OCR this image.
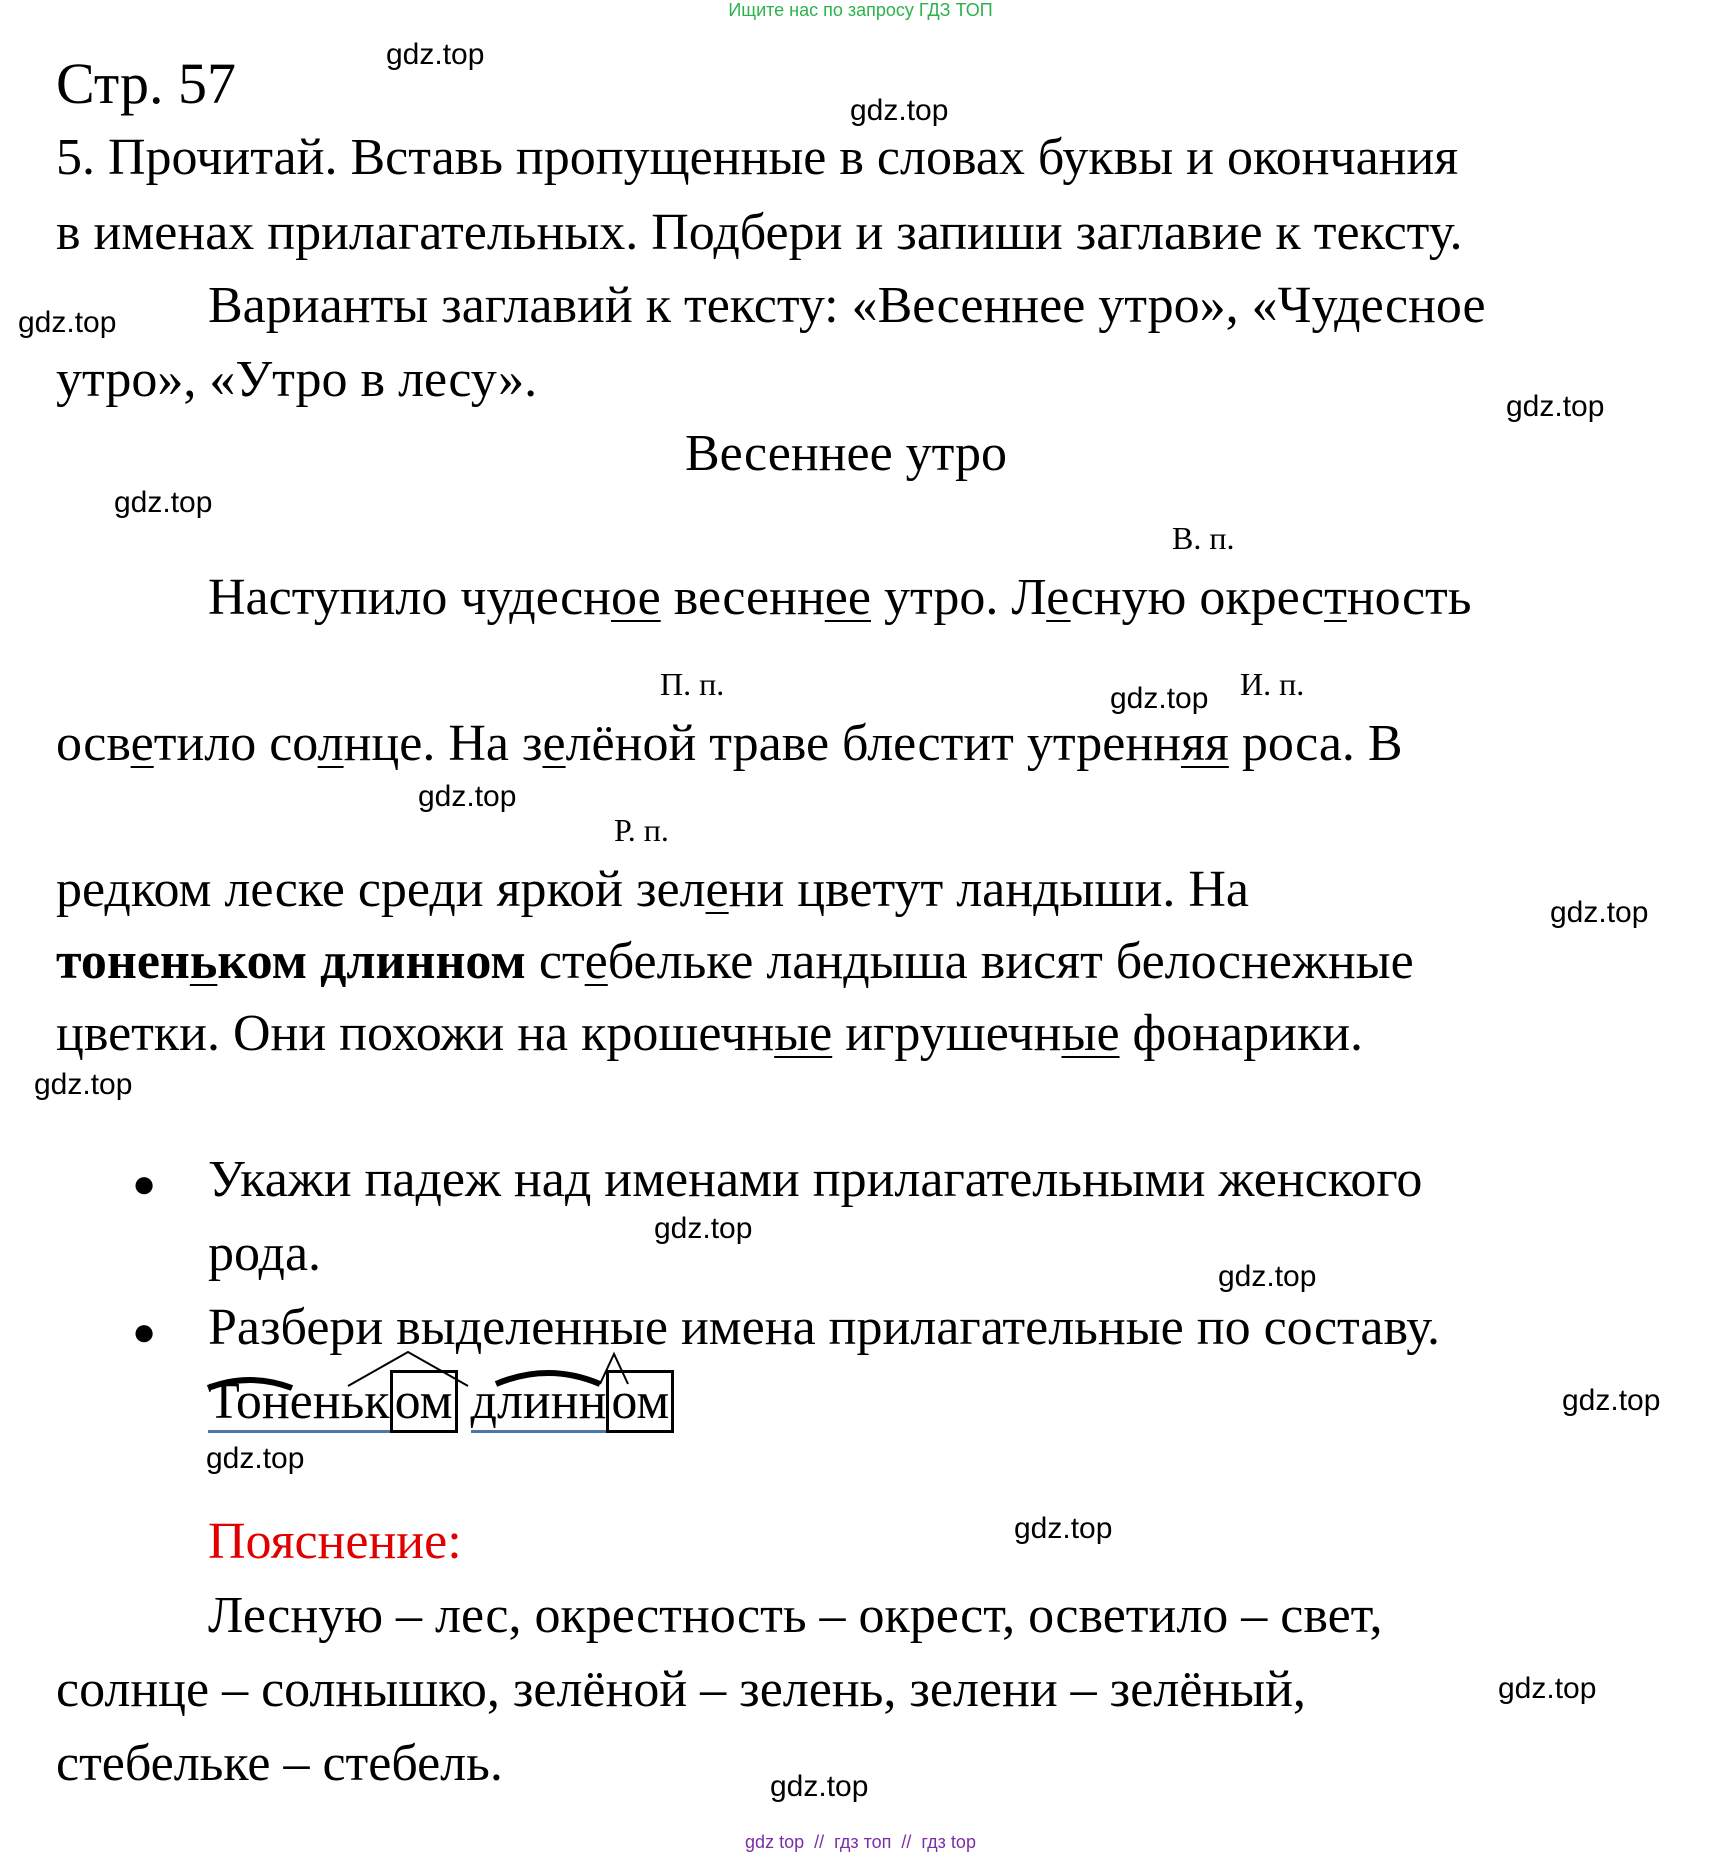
Ищите нас по запросу ГДЗ ТОП
Стр. 57
5. Прочитай. Вставь пропущенные в словах буквы и окончания
в именах прилагательных. Подбери и запиши заглавие к тексту.
Варианты заглавий к тексту: «Весеннее утро», «Чудесное
утро», «Утро в лесу».
Весеннее утро
В. п.
П. п.	И. п.
Р. п.
Наступило чудесное весеннее утро. Лесную окрестность
осветило солнце. На зелёной траве блестит утренняя роса. В
редком леске среди яркой зелени цветут ландыши. На
тоненьком длинном стебельке ландыша висят белоснежные
цветки. Они похожи на крошечные игрушечные фонарики.
● Укажи падеж над именами прилагательными женского
рода.
● Разбери выделенные имена прилагательные по составу.
Тоненьком длинном
Пояснение:
Лесную – лес, окрестность – окрест, осветило – свет,
солнце – солнышко, зелёной – зелень, зелени – зелёный,
стебельке – стебель.
gdz.top
gdz.top
gdz.top
gdz.top
gdz.top
gdz.top
gdz.top
gdz.top
gdz.top
gdz.top
gdz.top
gdz.top
gdz.top
gdz.top
gdz.top
gdz.top
gdz top  //  гдз топ  //  гдз top
